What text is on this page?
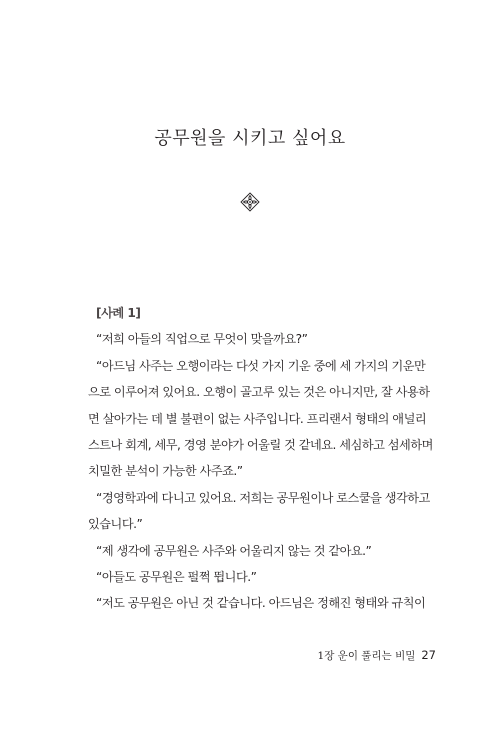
공무원을 시키고 싶어요
[사례 1]
“저희 아들의 직업으로 무엇이 맞을까요?”
“아드님 사주는 오행이라는 다섯 가지 기운 중에 세 가지의 기운만
으로 이루어져 있어요. 오행이 골고루 있는 것은 아니지만, 잘 사용하
면 살아가는 데 별 불편이 없는 사주입니다. 프리랜서 형태의 애널리
스트나 회계, 세무, 경영 분야가 어울릴 것 같네요. 세심하고 섬세하며
치밀한 분석이 가능한 사주죠.”
“경영학과에 다니고 있어요. 저희는 공무원이나 로스쿨을 생각하고
있습니다.”
“제 생각에 공무원은 사주와 어울리지 않는 것 같아요.”
“아들도 공무원은 펄쩍 뜁니다.”
“저도 공무원은 아닌 것 같습니다. 아드님은 정해진 형태와 규칙이
1장 운이 풀리는 비밀 27
